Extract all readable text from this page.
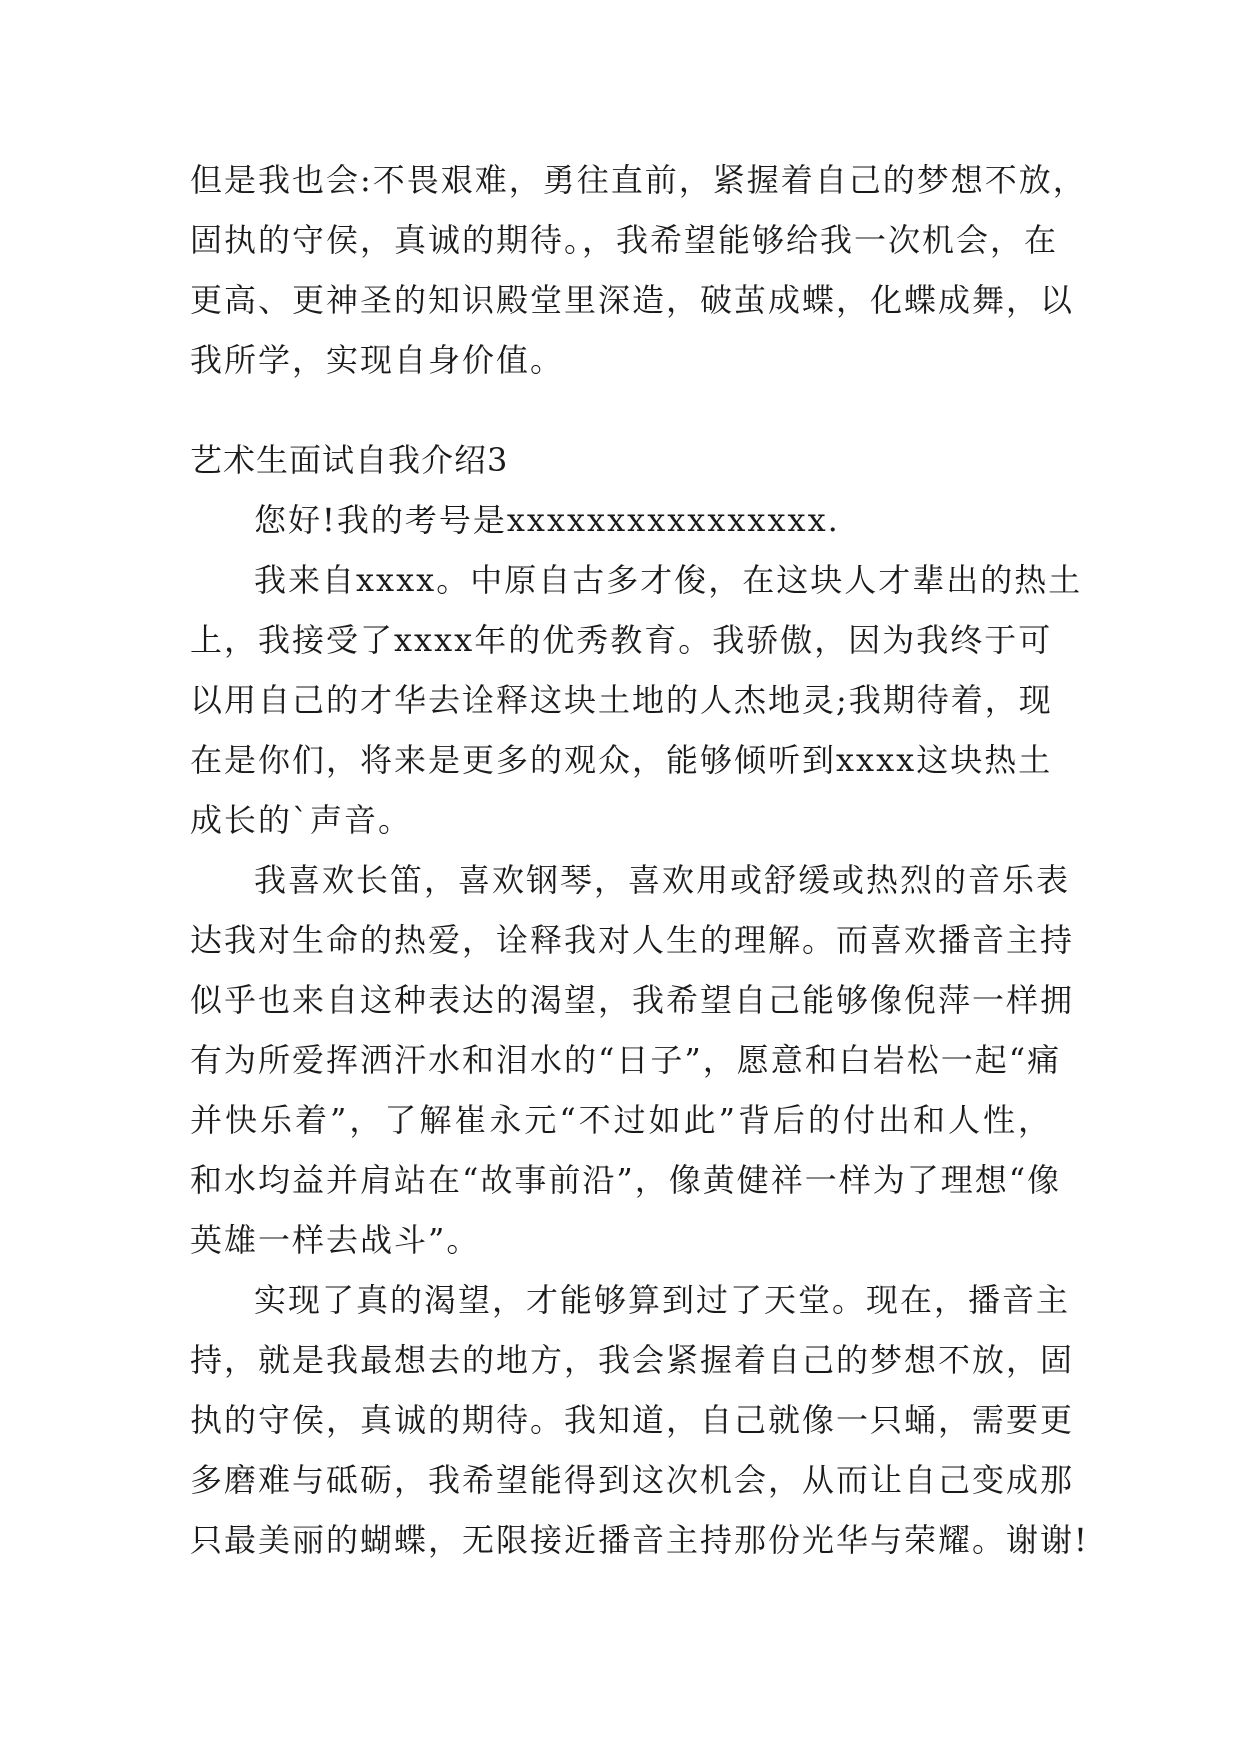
但是我也会:不畏艰难，勇往直前，紧握着自己的梦想不放，
固执的守侯，真诚的期待。，我希望能够给我一次机会，在
更高、更神圣的知识殿堂里深造，破茧成蝶，化蝶成舞，以
我所学，实现自身价值。
艺术生面试自我介绍3
您好!我的考号是xxxxxxxxxxxxxxxx.
我来自xxxx。中原自古多才俊，在这块人才辈出的热土
上，我接受了xxxx年的优秀教育。我骄傲，因为我终于可
以用自己的才华去诠释这块土地的人杰地灵;我期待着，现
在是你们，将来是更多的观众，能够倾听到xxxx这块热土
成长的`声音。
我喜欢长笛，喜欢钢琴，喜欢用或舒缓或热烈的音乐表
达我对生命的热爱，诠释我对人生的理解。而喜欢播音主持
似乎也来自这种表达的渴望，我希望自己能够像倪萍一样拥
有为所爱挥洒汗水和泪水的“日子”，愿意和白岩松一起“痛
并快乐着”，了解崔永元“不过如此”背后的付出和人性，
和水均益并肩站在“故事前沿”，像黄健祥一样为了理想“像
英雄一样去战斗”。
实现了真的渴望，才能够算到过了天堂。现在，播音主
持，就是我最想去的地方，我会紧握着自己的梦想不放，固
执的守侯，真诚的期待。我知道，自己就像一只蛹，需要更
多磨难与砥砺，我希望能得到这次机会，从而让自己变成那
只最美丽的蝴蝶，无限接近播音主持那份光华与荣耀。谢谢!
